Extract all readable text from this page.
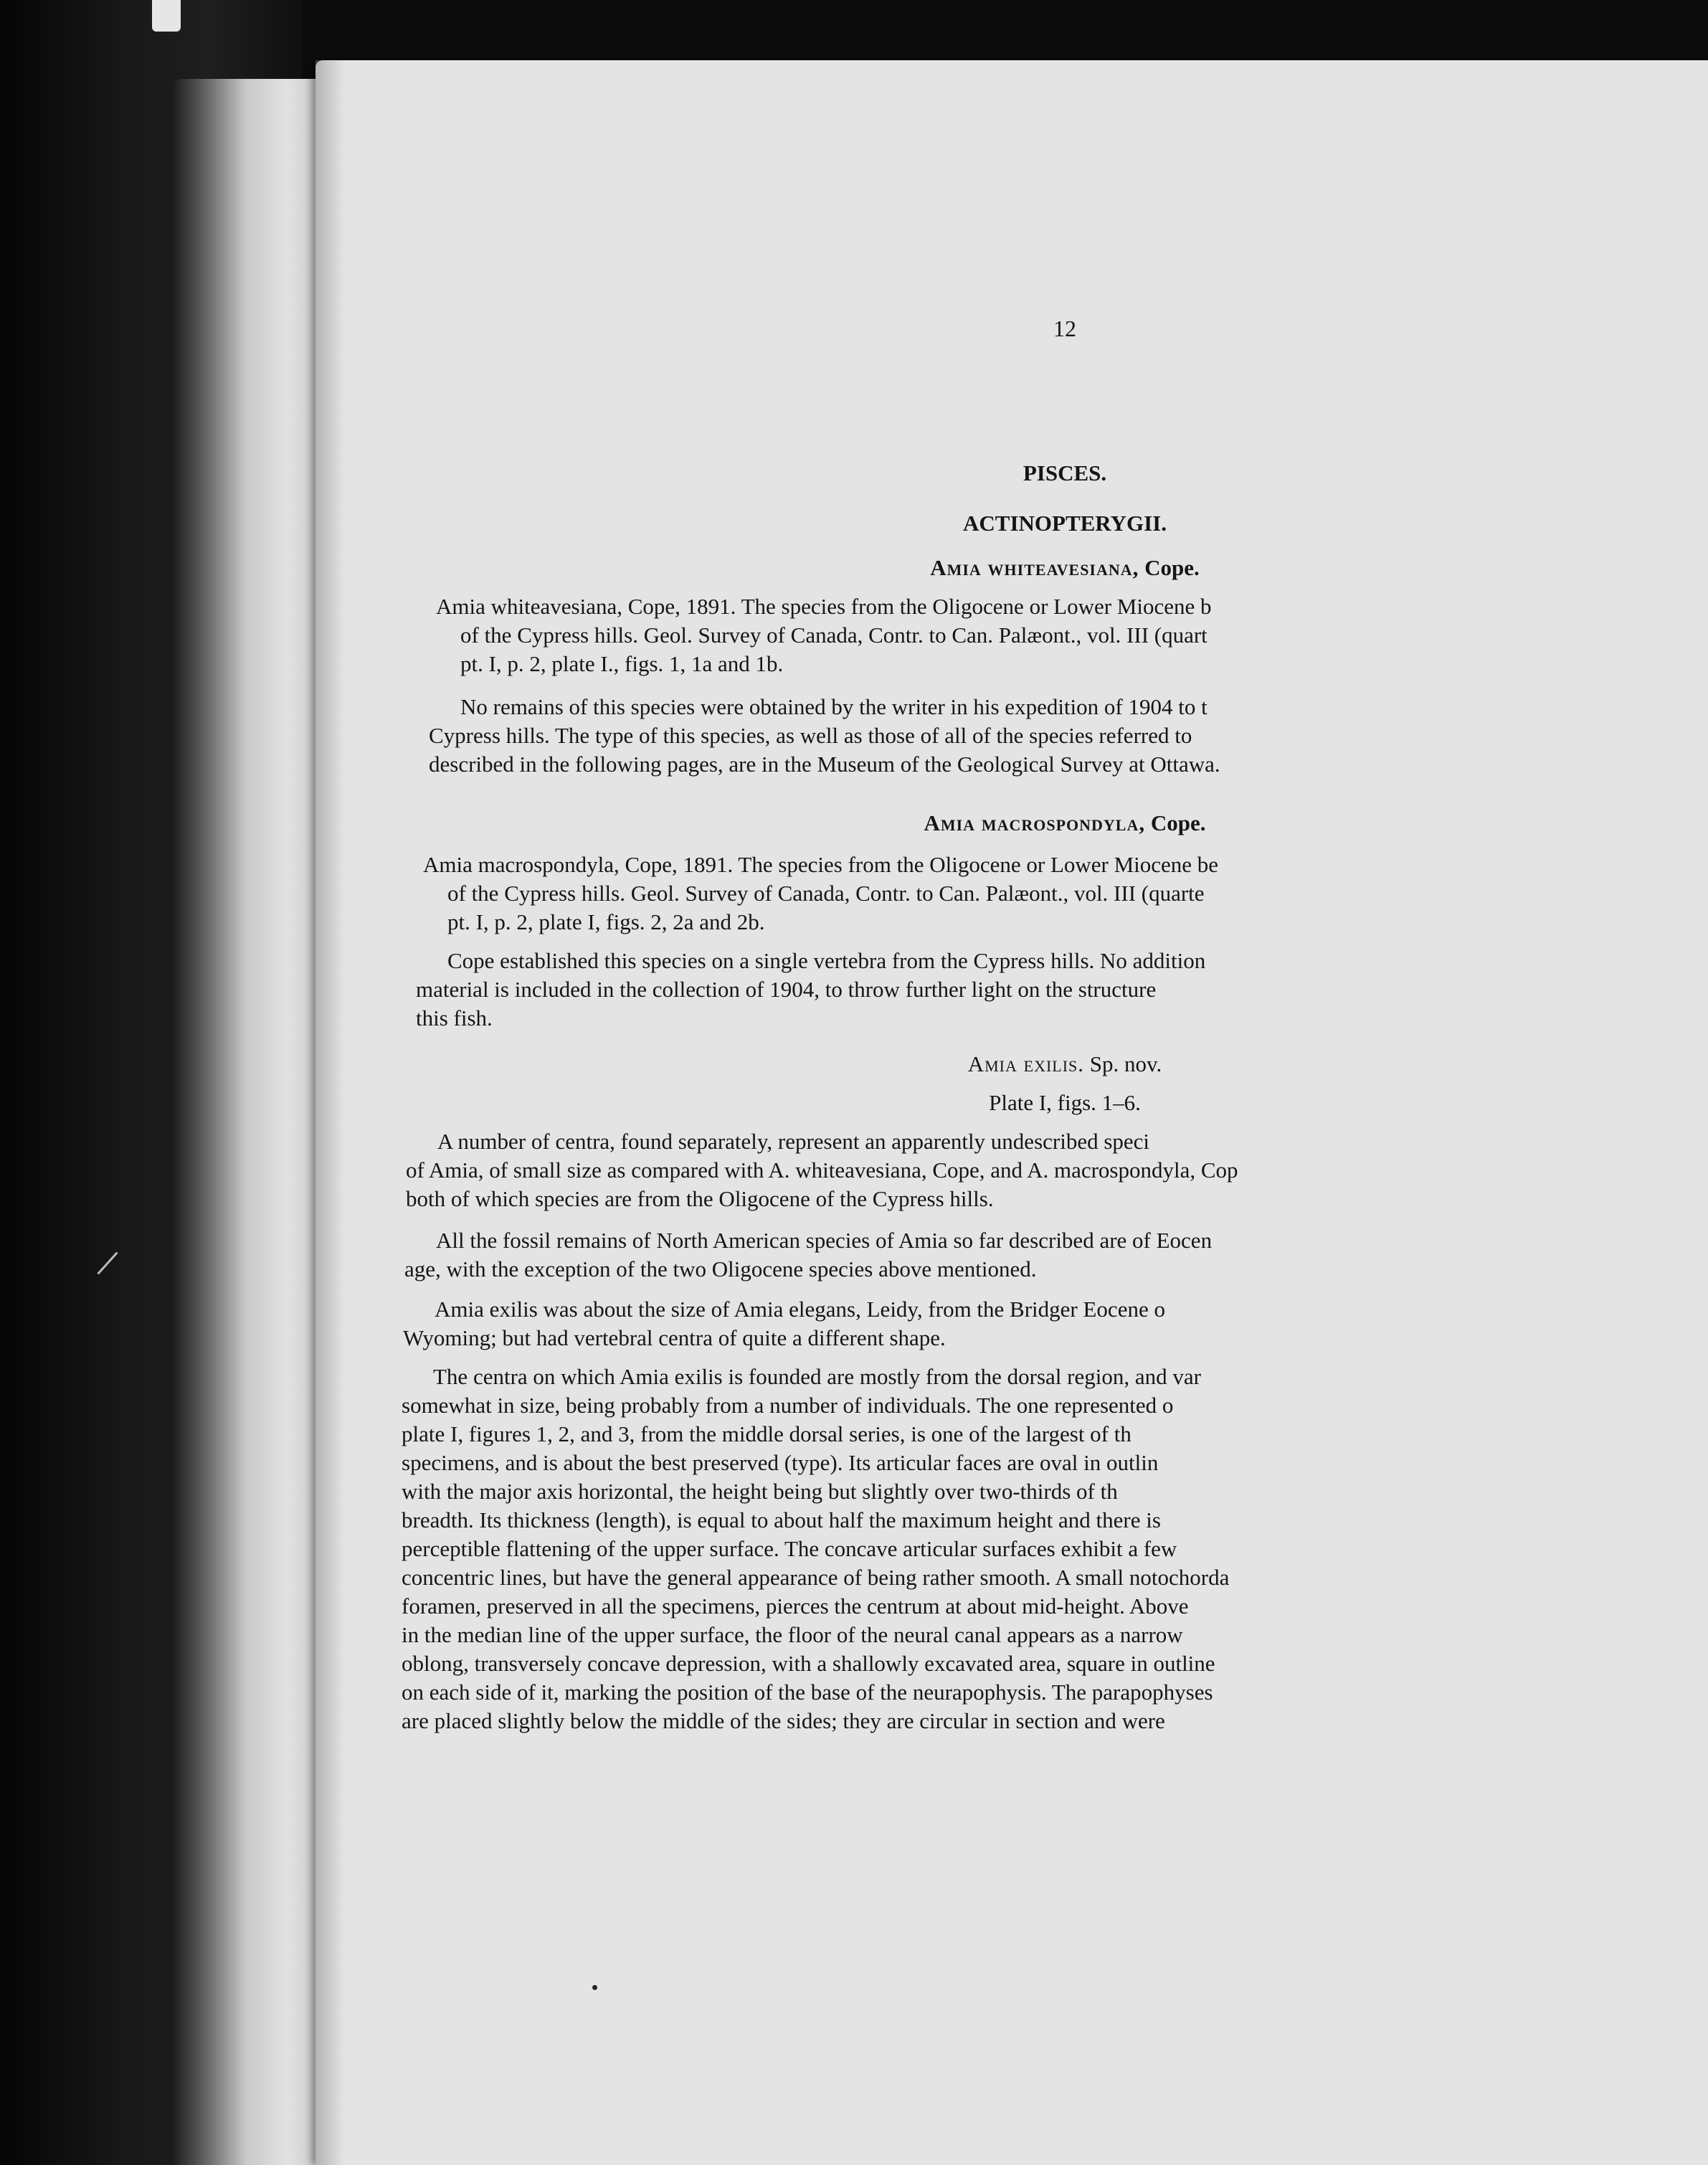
12
PISCES.
ACTINOPTERYGII.
Amia whiteavesiana, Cope.
Amia whiteavesiana, Cope, 1891. The species from the Oligocene or Lower Miocene b
of the Cypress hills. Geol. Survey of Canada, Contr. to Can. Palæont., vol. III (quart
pt. I, p. 2, plate I., figs. 1, 1a and 1b.
No remains of this species were obtained by the writer in his expedition of 1904 to t
Cypress hills. The type of this species, as well as those of all of the species referred to
described in the following pages, are in the Museum of the Geological Survey at Ottawa.
Amia macrospondyla, Cope.
Amia macrospondyla, Cope, 1891. The species from the Oligocene or Lower Miocene be
of the Cypress hills. Geol. Survey of Canada, Contr. to Can. Palæont., vol. III (quarte
pt. I, p. 2, plate I, figs. 2, 2a and 2b.
Cope established this species on a single vertebra from the Cypress hills. No addition
material is included in the collection of 1904, to throw further light on the structure
this fish.
Amia exilis. Sp. nov.
Plate I, figs. 1–6.
A number of centra, found separately, represent an apparently undescribed speci
of Amia, of small size as compared with A. whiteavesiana, Cope, and A. macrospondyla, Cop
both of which species are from the Oligocene of the Cypress hills.
All the fossil remains of North American species of Amia so far described are of Eocen
age, with the exception of the two Oligocene species above mentioned.
Amia exilis was about the size of Amia elegans, Leidy, from the Bridger Eocene o
Wyoming; but had vertebral centra of quite a different shape.
The centra on which Amia exilis is founded are mostly from the dorsal region, and var
somewhat in size, being probably from a number of individuals. The one represented o
plate I, figures 1, 2, and 3, from the middle dorsal series, is one of the largest of th
specimens, and is about the best preserved (type). Its articular faces are oval in outlin
with the major axis horizontal, the height being but slightly over two-thirds of th
breadth. Its thickness (length), is equal to about half the maximum height and there is
perceptible flattening of the upper surface. The concave articular surfaces exhibit a few
concentric lines, but have the general appearance of being rather smooth. A small notochorda
foramen, preserved in all the specimens, pierces the centrum at about mid-height. Above
in the median line of the upper surface, the floor of the neural canal appears as a narrow
oblong, transversely concave depression, with a shallowly excavated area, square in outline
on each side of it, marking the position of the base of the neurapophysis. The parapophyses
are placed slightly below the middle of the sides; they are circular in section and were
